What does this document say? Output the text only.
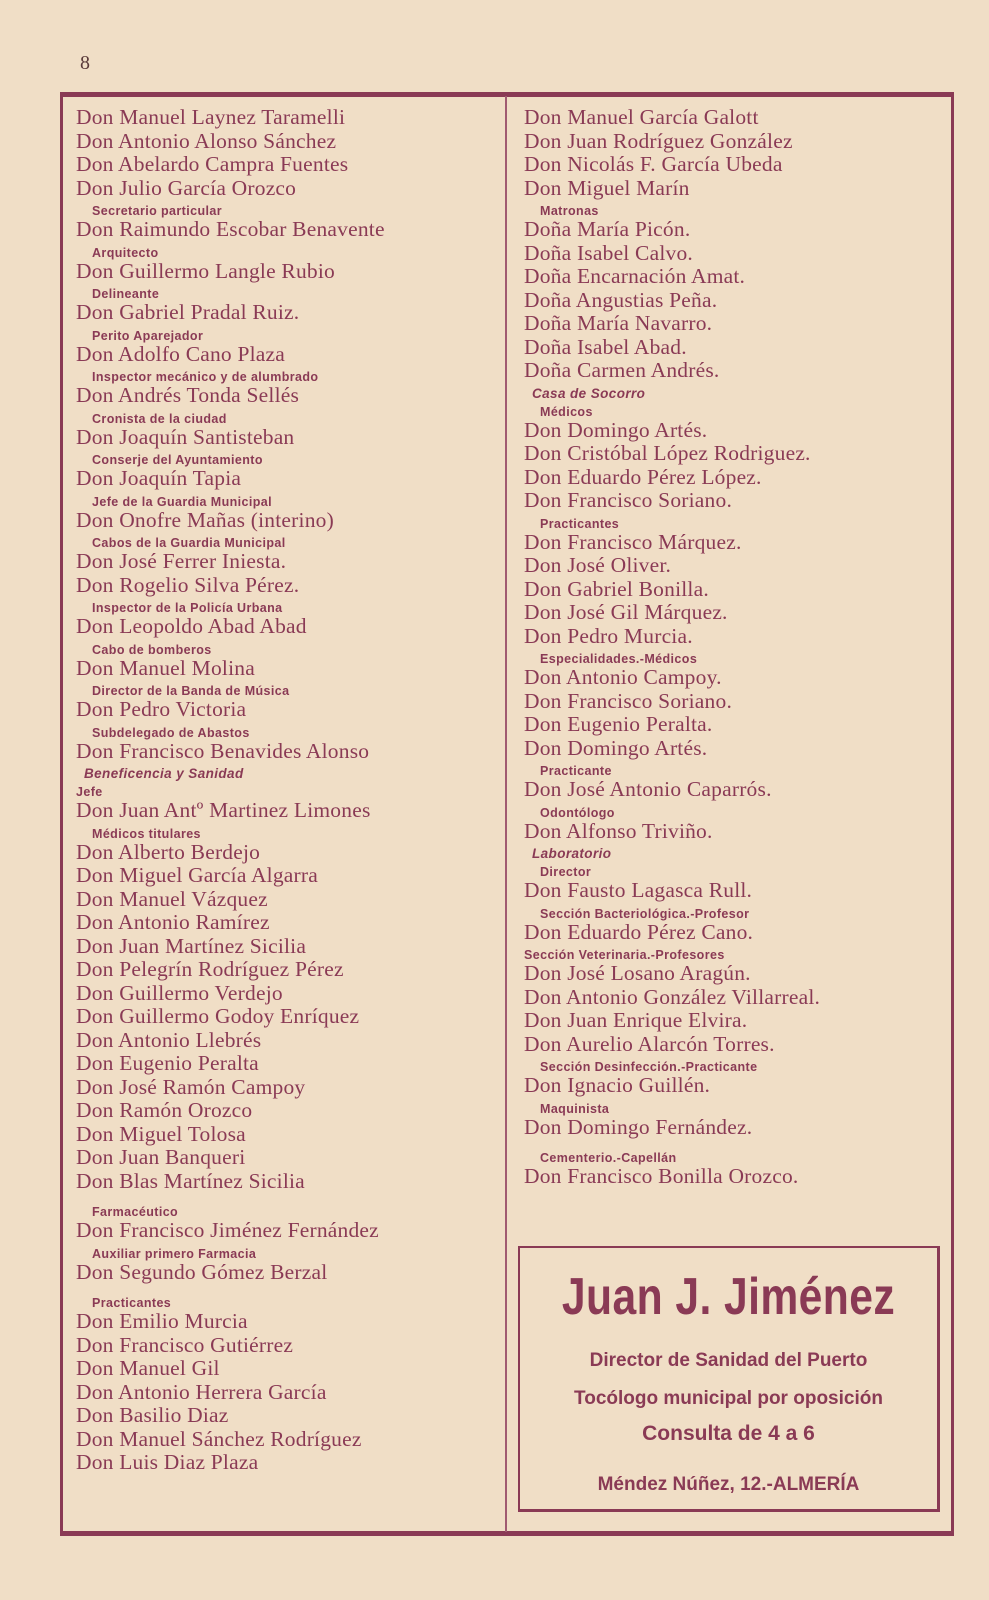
8
Don Manuel Laynez Taramelli
Don Antonio Alonso Sánchez
Don Abelardo Campra Fuentes
Don Julio García Orozco
Secretario particular
Don Raimundo Escobar Benavente
Arquitecto
Don Guillermo Langle Rubio
Delineante
Don Gabriel Pradal Ruiz.
Perito Aparejador
Don Adolfo Cano Plaza
Inspector mecánico y de alumbrado
Don Andrés Tonda Sellés
Cronista de la ciudad
Don Joaquín Santisteban
Conserje del Ayuntamiento
Don Joaquín Tapia
Jefe de la Guardia Municipal
Don Onofre Mañas (interino)
Cabos de la Guardia Municipal
Don José Ferrer Iniesta.
Don Rogelio Silva Pérez.
Inspector de la Policía Urbana
Don Leopoldo Abad Abad
Cabo de bomberos
Don Manuel Molina
Director de la Banda de Música
Don Pedro Victoria
Subdelegado de Abastos
Don Francisco Benavides Alonso
Beneficencia y Sanidad
Jefe
Don Juan Antº Martinez Limones
Médicos titulares
Don Alberto Berdejo
Don Miguel García Algarra
Don Manuel Vázquez
Don Antonio Ramírez
Don Juan Martínez Sicilia
Don Pelegrín Rodríguez Pérez
Don Guillermo Verdejo
Don Guillermo Godoy Enríquez
Don Antonio Llebrés
Don Eugenio Peralta
Don José Ramón Campoy
Don Ramón Orozco
Don Miguel Tolosa
Don Juan Banqueri
Don Blas Martínez Sicilia
Farmacéutico
Don Francisco Jiménez Fernández
Auxiliar primero Farmacia
Don Segundo Gómez Berzal
Practicantes
Don Emilio Murcia
Don Francisco Gutiérrez
Don Manuel Gil
Don Antonio Herrera García
Don Basilio Diaz
Don Manuel Sánchez Rodríguez
Don Luis Diaz Plaza
Don Manuel García Galott
Don Juan Rodríguez González
Don Nicolás F. García Ubeda
Don Miguel Marín
Matronas
Doña María Picón.
Doña Isabel Calvo.
Doña Encarnación Amat.
Doña Angustias Peña.
Doña María Navarro.
Doña Isabel Abad.
Doña Carmen Andrés.
Casa de Socorro
Médicos
Don Domingo Artés.
Don Cristóbal López Rodriguez.
Don Eduardo Pérez López.
Don Francisco Soriano.
Practicantes
Don Francisco Márquez.
Don José Oliver.
Don Gabriel Bonilla.
Don José Gil Márquez.
Don Pedro Murcia.
Especialidades.-Médicos
Don Antonio Campoy.
Don Francisco Soriano.
Don Eugenio Peralta.
Don Domingo Artés.
Practicante
Don José Antonio Caparrós.
Odontólogo
Don Alfonso Triviño.
Laboratorio
Director
Don Fausto Lagasca Rull.
Sección Bacteriológica.-Profesor
Don Eduardo Pérez Cano.
Sección Veterinaria.-Profesores
Don José Losano Aragún.
Don Antonio González Villarreal.
Don Juan Enrique Elvira.
Don Aurelio Alarcón Torres.
Sección Desinfección.-Practicante
Don Ignacio Guillén.
Maquinista
Don Domingo Fernández.
Cementerio.-Capellán
Don Francisco Bonilla Orozco.
Juan J. Jiménez
Director de Sanidad del Puerto
Tocólogo municipal por oposición
Consulta de 4 a 6
Méndez Núñez, 12.-ALMERÍA
